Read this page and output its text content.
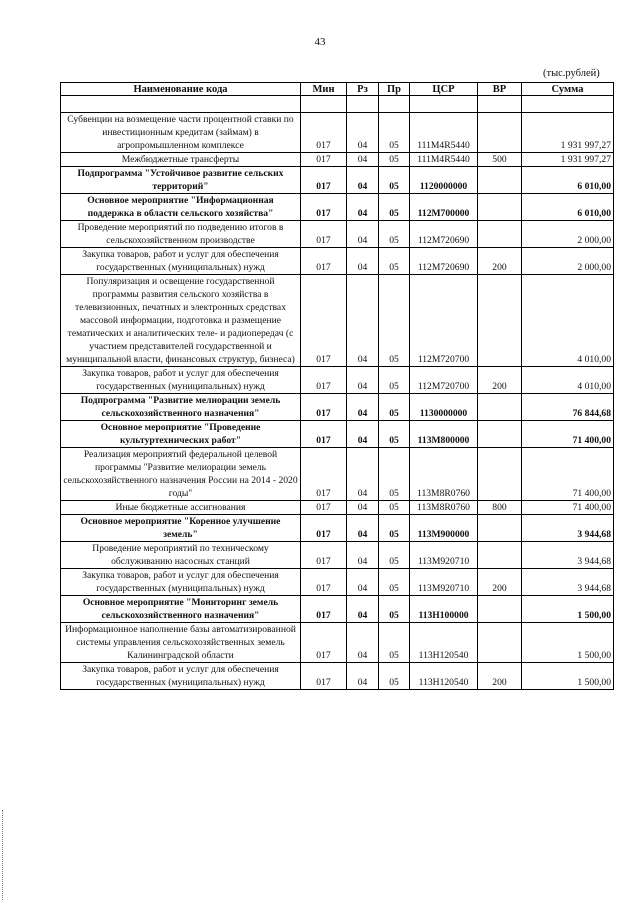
43
(тыс.рублей)
Наименование кода	Мин	Рз	Пр	ЦСР	ВР	Сумма

Субвенции на возмещение части процентной ставки по инвестиционным кредитам (займам) в агропромышленном комплексе	017	04	05	111M4R5440		1 931 997,27
Межбюджетные трансферты	017	04	05	111M4R5440	500	1 931 997,27
Подпрограмма "Устойчивое развитие сельских территорий"	017	04	05	1120000000		6 010,00
Основное мероприятие "Информационная поддержка в области сельского хозяйства"	017	04	05	112M700000		6 010,00
Проведение мероприятий по подведению итогов в сельскохозяйственном производстве	017	04	05	112M720690		2 000,00
Закупка товаров, работ и услуг для обеспечения государственных (муниципальных) нужд	017	04	05	112M720690	200	2 000,00
Популяризация и освещение государственной программы развития сельского хозяйства в телевизионных, печатных и электронных средствах массовой информации, подготовка и размещение тематических и аналитических теле- и радиопередач (с участием представителей государственной и муниципальной власти, финансовых структур, бизнеса)	017	04	05	112M720700		4 010,00
Закупка товаров, работ и услуг для обеспечения государственных (муниципальных) нужд	017	04	05	112M720700	200	4 010,00
Подпрограмма "Развитие мелиорации земель сельскохозяйственного назначения"	017	04	05	1130000000		76 844,68
Основное мероприятие "Проведение культуртехнических работ"	017	04	05	113M800000		71 400,00
Реализация мероприятий федеральной целевой программы "Развитие мелиорации земель сельскохозяйственного назначения России на 2014 - 2020 годы"	017	04	05	113M8R0760		71 400,00
Иные бюджетные ассигнования	017	04	05	113M8R0760	800	71 400,00
Основное мероприятие "Коренное улучшение земель"	017	04	05	113M900000		3 944,68
Проведение мероприятий по техническому обслуживанию насосных станций	017	04	05	113M920710		3 944,68
Закупка товаров, работ и услуг для обеспечения государственных (муниципальных) нужд	017	04	05	113M920710	200	3 944,68
Основное мероприятие "Мониторинг земель сельскохозяйственного назначения"	017	04	05	113H100000		1 500,00
Информационное наполнение базы автоматизированной системы управления сельскохозяйственных земель Калининградской области	017	04	05	113H120540		1 500,00
Закупка товаров, работ и услуг для обеспечения государственных (муниципальных) нужд	017	04	05	113H120540	200	1 500,00
